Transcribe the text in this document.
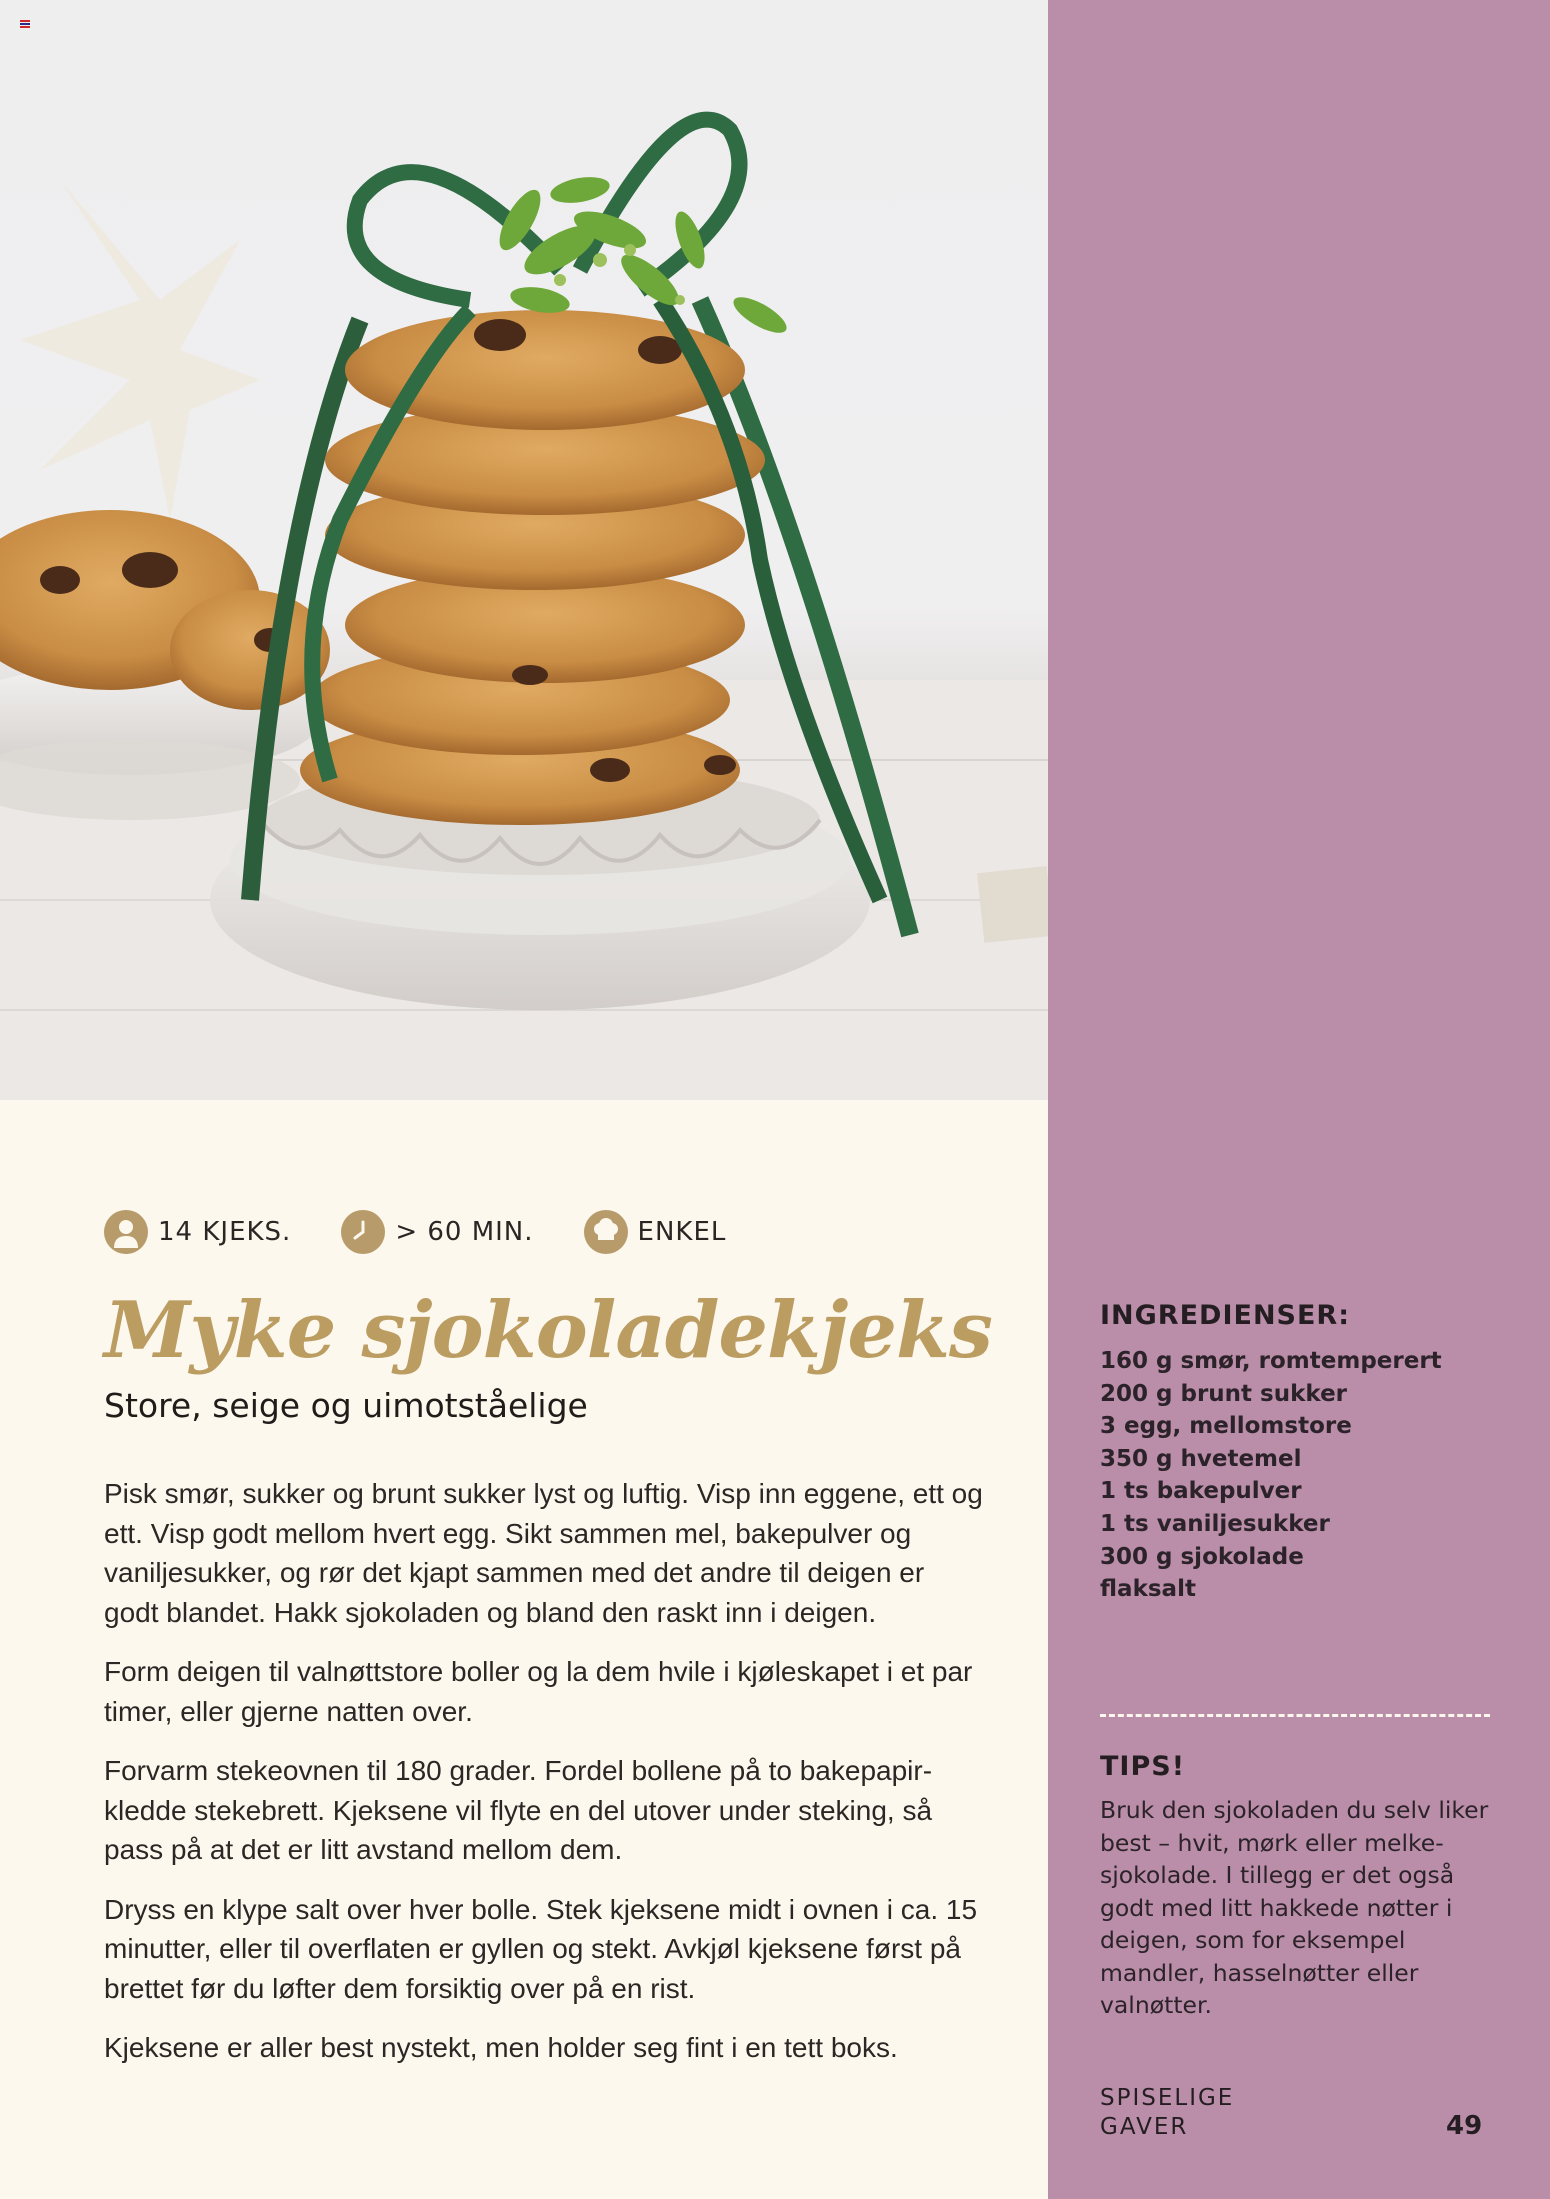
14 KJEKS.	> 60 MIN.	ENKEL
Myke sjokoladekjeks
Store, seige og uimotståelige

Pisk smør, sukker og brunt sukker lyst og luftig. Visp inn eggene, ett og ett. Visp godt mellom hvert egg. Sikt sammen mel, bakepulver og vaniljesukker, og rør det kjapt sammen med det andre til deigen er godt blandet. Hakk sjokoladen og bland den raskt inn i deigen.

Form deigen til valnøttstore boller og la dem hvile i kjøleskapet i et par timer, eller gjerne natten over.

Forvarm stekeovnen til 180 grader. Fordel bollene på to bakepapirkledde stekebrett. Kjeksene vil flyte en del utover under steking, så pass på at det er litt avstand mellom dem.

Dryss en klype salt over hver bolle. Stek kjeksene midt i ovnen i ca. 15 minutter, eller til overflaten er gyllen og stekt. Avkjøl kjeksene først på brettet før du løfter dem forsiktig over på en rist.

Kjeksene er aller best nystekt, men holder seg fint i en tett boks.

INGREDIENSER:
160 g smør, romtemperert
200 g brunt sukker
3 egg, mellomstore
350 g hvetemel
1 ts bakepulver
1 ts vaniljesukker
300 g sjokolade
flaksalt
TIPS!

Bruk den sjokoladen du selv liker best – hvit, mørk eller melkesjokolade. I tillegg er det også godt med litt hakkede nøtter i deigen, som for eksempel mandler, hasselnøtter eller valnøtter.

SPISELIGE
GAVER	49
